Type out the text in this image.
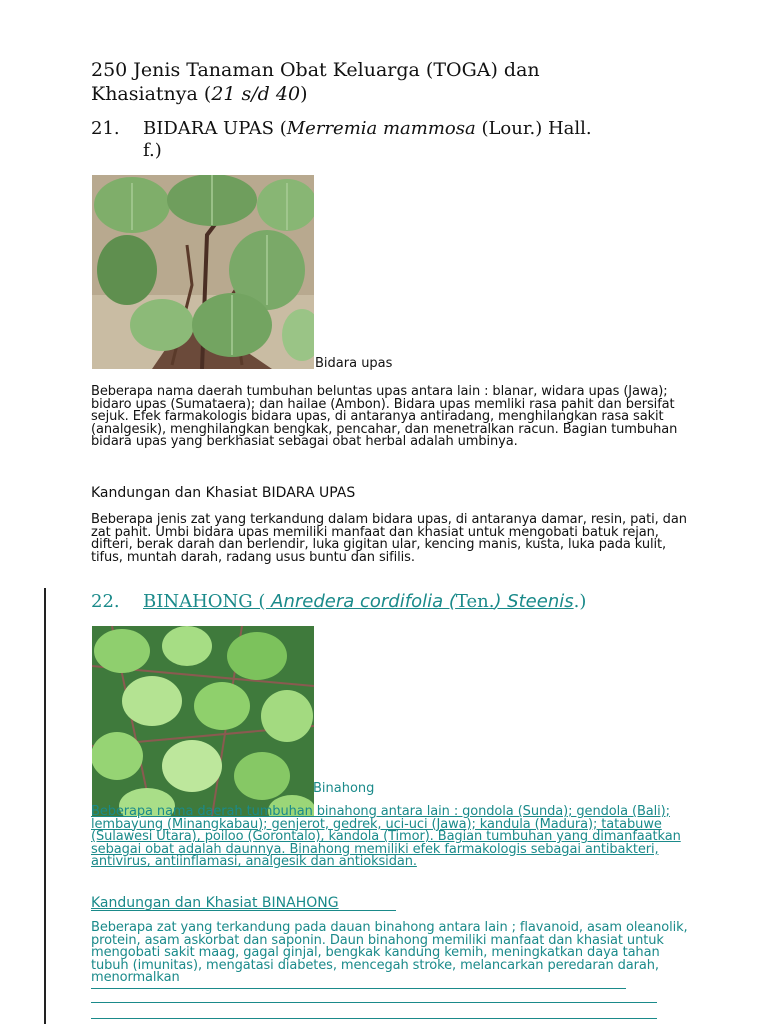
250 Jenis Tanaman Obat Keluarga (TOGA) dan
Khasiatnya (21 s/d 40)
21. BIDARA UPAS (Merremia mammosa (Lour.) Hall.
f.)
Bidara upas
Beberapa nama daerah tumbuhan beluntas upas antara lain : blanar, widara upas (Jawa); bidaro upas (Sumataera); dan hailae (Ambon). Bidara upas memliki rasa pahit dan bersifat sejuk. Efek farmakologis bidara upas, di antaranya antiradang, menghilangkan rasa sakit (analgesik), menghilangkan bengkak, pencahar, dan menetralkan racun. Bagian tumbuhan bidara upas yang berkhasiat sebagai obat herbal adalah umbinya.
Kandungan dan Khasiat BIDARA UPAS
Beberapa jenis zat yang terkandung dalam bidara upas, di antaranya damar, resin, pati, dan zat pahit. Umbi bidara upas memiliki manfaat dan khasiat untuk mengobati batuk rejan, difteri, berak darah dan berlendir, luka gigitan ular, kencing manis, kusta, luka pada kulit, tifus, muntah darah, radang usus buntu dan sifilis.
22. BINAHONG ( Anredera cordifolia (Ten.) Steenis.)
Binahong
Beberapa nama daerah tumbuhan binahong antara lain : gondola (Sunda); gendola (Bali); lembayung (Minangkabau); genjerot, gedrek, uci-uci (Jawa); kandula (Madura); tatabuwe (Sulawesi Utara), poiloo (Gorontalo), kandola (Timor). Bagian tumbuhan yang dimanfaatkan sebagai obat adalah daunnya. Binahong memiliki efek farmakologis sebagai antibakteri, antivirus, antiinflamasi, analgesik dan antioksidan.
Kandungan dan Khasiat BINAHONG
Beberapa zat yang terkandung pada dauan binahong antara lain ; flavanoid, asam oleanolik, protein, asam askorbat dan saponin. Daun binahong memiliki manfaat dan khasiat untuk mengobati sakit maag, gagal ginjal, bengkak kandung kemih, meningkatkan daya tahan tubuh (imunitas), mengatasi diabetes, mencegah stroke, melancarkan peredaran darah, menormalkan
